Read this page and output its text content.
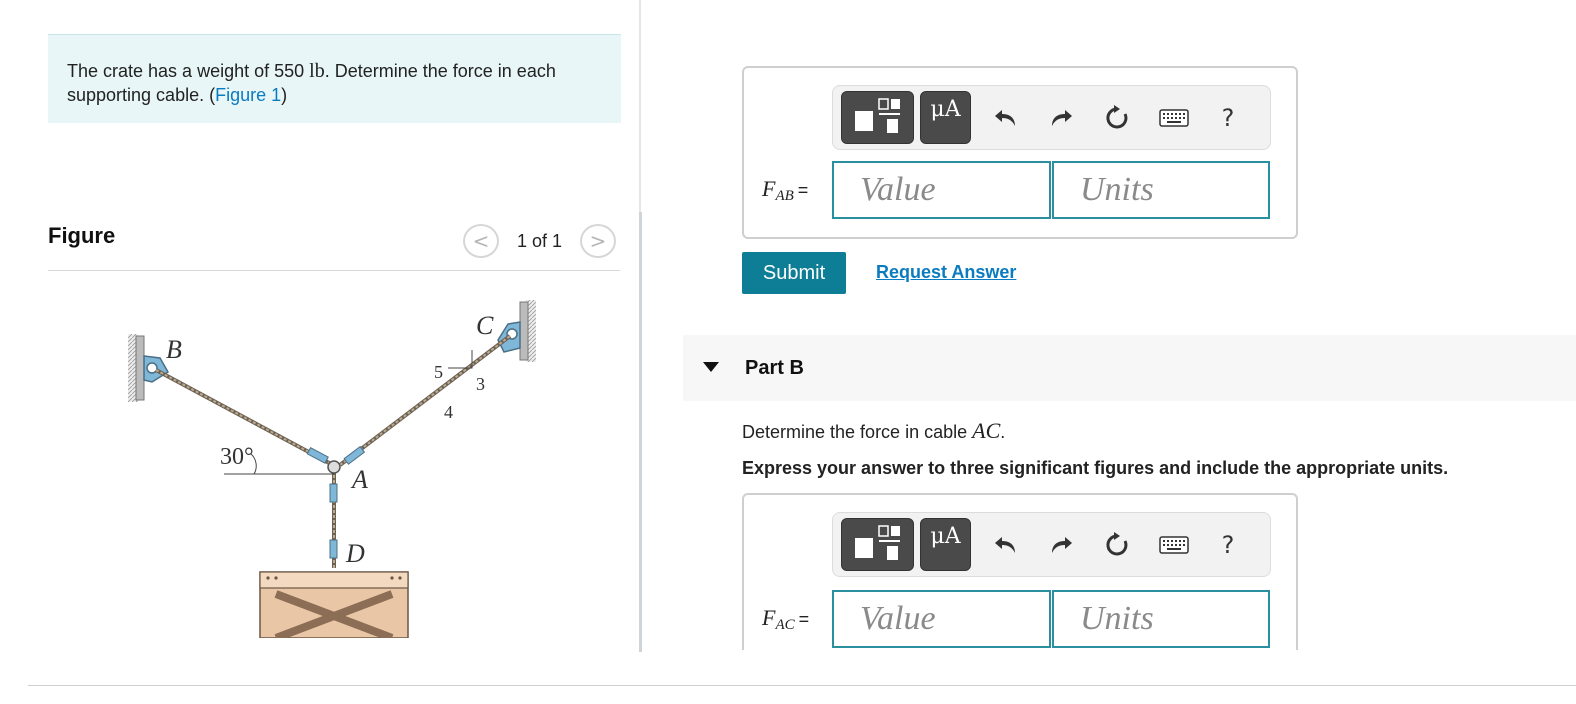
The crate has a weight of 550 lb. Determine the force in each supporting cable. (Figure 1)
Figure	< 1 of 1 >
B
C
A
D
30°
5
3
4
μA	?
$F_{AB}$ =	Value	Units
Submit	Request Answer
Part B
Determine the force in cable AC.
Express your answer to three significant figures and include the appropriate units.
μA	?
$F_{AC}$ =	Value	Units
